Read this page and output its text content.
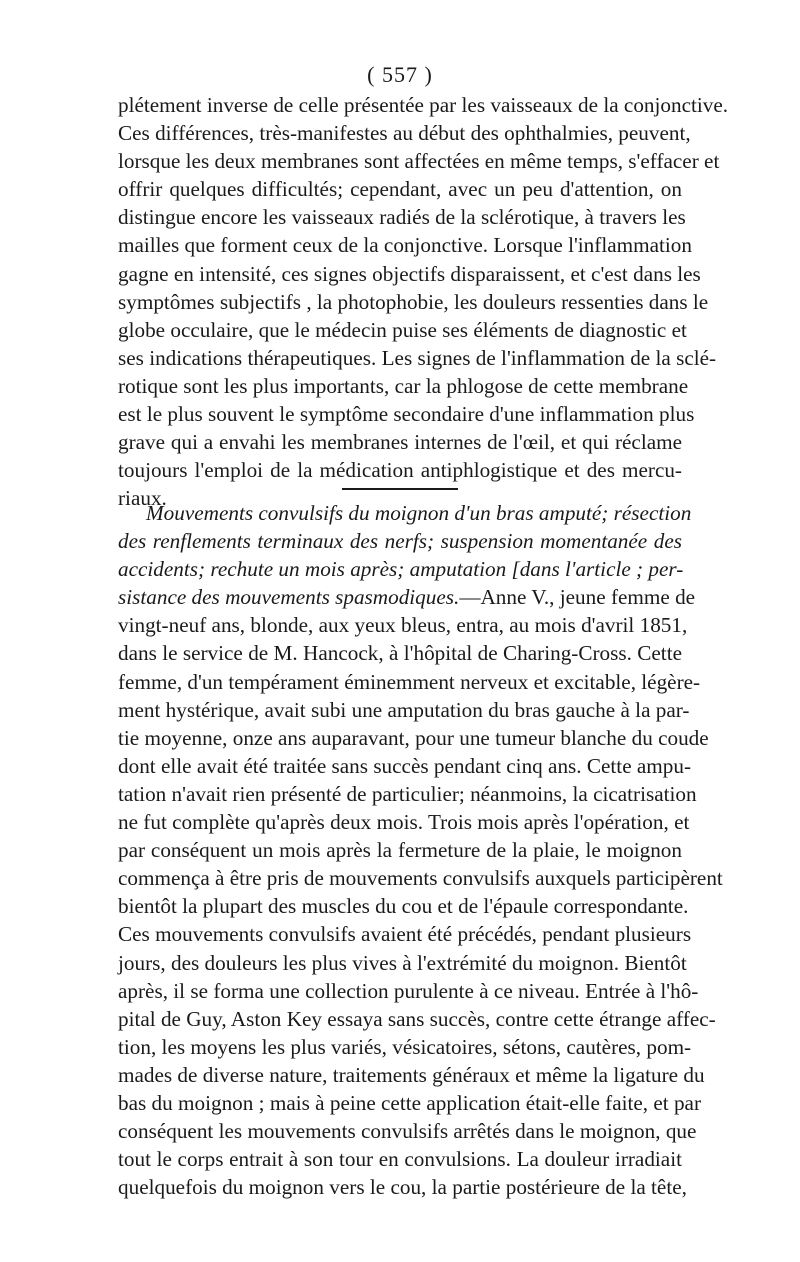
( 557 )
plétement inverse de celle présentée par les vaisseaux de la conjonctive.
Ces différences, très-manifestes au début des ophthalmies, peuvent,
lorsque les deux membranes sont affectées en même temps, s'effacer et
offrir quelques difficultés; cependant, avec un peu d'attention, on
distingue encore les vaisseaux radiés de la sclérotique, à travers les
mailles que forment ceux de la conjonctive. Lorsque l'inflammation
gagne en intensité, ces signes objectifs disparaissent, et c'est dans les
symptômes subjectifs , la photophobie, les douleurs ressenties dans le
globe occulaire, que le médecin puise ses éléments de diagnostic et
ses indications thérapeutiques. Les signes de l'inflammation de la sclé-
rotique sont les plus importants, car la phlogose de cette membrane
est le plus souvent le symptôme secondaire d'une inflammation plus
grave qui a envahi les membranes internes de l'œil, et qui réclame
toujours l'emploi de la médication antiphlogistique et des mercu-
riaux.
Mouvements convulsifs du moignon d'un bras amputé; résection
des renflements terminaux des nerfs; suspension momentanée des
accidents; rechute un mois après; amputation [dans l'article ; per-
sistance des mouvements spasmodiques.—Anne V., jeune femme de
vingt-neuf ans, blonde, aux yeux bleus, entra, au mois d'avril 1851,
dans le service de M. Hancock, à l'hôpital de Charing-Cross. Cette
femme, d'un tempérament éminemment nerveux et excitable, légère-
ment hystérique, avait subi une amputation du bras gauche à la par-
tie moyenne, onze ans auparavant, pour une tumeur blanche du coude
dont elle avait été traitée sans succès pendant cinq ans. Cette ampu-
tation n'avait rien présenté de particulier; néanmoins, la cicatrisation
ne fut complète qu'après deux mois. Trois mois après l'opération, et
par conséquent un mois après la fermeture de la plaie, le moignon
commença à être pris de mouvements convulsifs auxquels participèrent
bientôt la plupart des muscles du cou et de l'épaule correspondante.
Ces mouvements convulsifs avaient été précédés, pendant plusieurs
jours, des douleurs les plus vives à l'extrémité du moignon. Bientôt
après, il se forma une collection purulente à ce niveau. Entrée à l'hô-
pital de Guy, Aston Key essaya sans succès, contre cette étrange affec-
tion, les moyens les plus variés, vésicatoires, sétons, cautères, pom-
mades de diverse nature, traitements généraux et même la ligature du
bas du moignon ; mais à peine cette application était-elle faite, et par
conséquent les mouvements convulsifs arrêtés dans le moignon, que
tout le corps entrait à son tour en convulsions. La douleur irradiait
quelquefois du moignon vers le cou, la partie postérieure de la tête,
